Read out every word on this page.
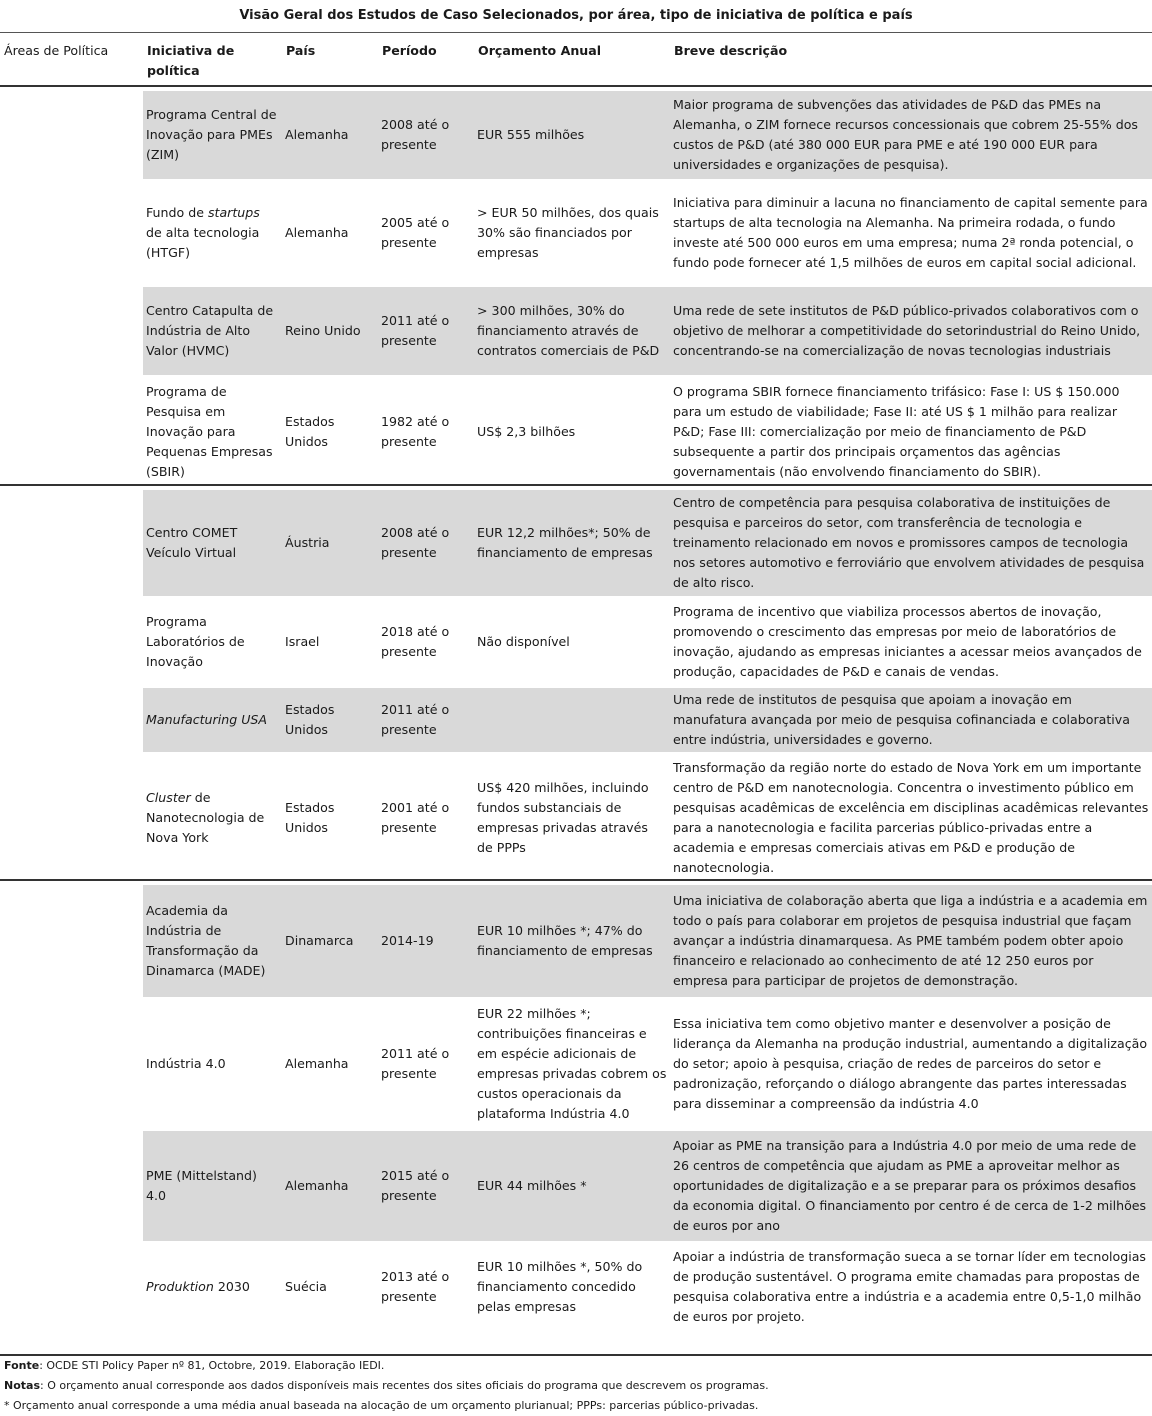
Visão Geral dos Estudos de Caso Selecionados, por área, tipo de iniciativa de política e país
Áreas de Política	Iniciativa de política	País	Período	Orçamento Anual	Breve descrição

	Programa Central de Inovação para PMEs (ZIM)	Alemanha	2008 até o presente	EUR 555 milhões	Maior programa de subvenções das atividades de P&D das PMEs na Alemanha, o ZIM fornece recursos concessionais que cobrem 25-55% dos custos de P&D (até 380 000 EUR para PME e até 190 000 EUR para universidades e organizações de pesquisa).

	Fundo de startups de alta tecnologia (HTGF)	Alemanha	2005 até o presente	> EUR 50 milhões, dos quais 30% são financiados por empresas	Iniciativa para diminuir a lacuna no financiamento de capital semente para startups de alta tecnologia na Alemanha. Na primeira rodada, o fundo investe até 500 000 euros em uma empresa; numa 2ª ronda potencial, o fundo pode fornecer até 1,5 milhões de euros em capital social adicional.

	Centro Catapulta de Indústria de Alto Valor (HVMC)	Reino Unido	2011 até o presente	> 300 milhões, 30% do financiamento através de contratos comerciais de P&D	Uma rede de sete institutos de P&D público-privados colaborativos com o objetivo de melhorar a competitividade do setorindustrial do Reino Unido, concentrando-se na comercialização de novas tecnologias industriais

	Programa de Pesquisa em Inovação para Pequenas Empresas (SBIR)	Estados Unidos	1982 até o presente	US$ 2,3 bilhões	O programa SBIR fornece financiamento trifásico: Fase I: US $ 150.000 para um estudo de viabilidade; Fase II: até US $ 1 milhão para realizar P&D; Fase III: comercialização por meio de financiamento de P&D subsequente a partir dos principais orçamentos das agências governamentais (não envolvendo financiamento do SBIR).

	Centro COMET Veículo Virtual	Áustria	2008 até o presente	EUR 12,2 milhões*; 50% de financiamento de empresas	Centro de competência para pesquisa colaborativa de instituições de pesquisa e parceiros do setor, com transferência de tecnologia e treinamento relacionado em novos e promissores campos de tecnologia nos setores automotivo e ferroviário que envolvem atividades de pesquisa de alto risco.

	Programa Laboratórios de Inovação	Israel	2018 até o presente	Não disponível	Programa de incentivo que viabiliza processos abertos de inovação, promovendo o crescimento das empresas por meio de laboratórios de inovação, ajudando as empresas iniciantes a acessar meios avançados de produção, capacidades de P&D e canais de vendas.

	Manufacturing USA	Estados Unidos	2011 até o presente		Uma rede de institutos de pesquisa que apoiam a inovação em manufatura avançada por meio de pesquisa cofinanciada e colaborativa entre indústria, universidades e governo.

	Cluster de Nanotecnologia de Nova York	Estados Unidos	2001 até o presente	US$ 420 milhões, incluindo fundos substanciais de empresas privadas através de PPPs	Transformação da região norte do estado de Nova York em um importante centro de P&D em nanotecnologia. Concentra o investimento público em pesquisas acadêmicas de excelência em disciplinas acadêmicas relevantes para a nanotecnologia e facilita parcerias público-privadas entre a academia e empresas comerciais ativas em P&D e produção de nanotecnologia.

	Academia da Indústria de Transformação da Dinamarca (MADE)	Dinamarca	2014-19	EUR 10 milhões *; 47% do financiamento de empresas	Uma iniciativa de colaboração aberta que liga a indústria e a academia em todo o país para colaborar em projetos de pesquisa industrial que façam avançar a indústria dinamarquesa. As PME também podem obter apoio financeiro e relacionado ao conhecimento de até 12 250 euros por empresa para participar de projetos de demonstração.

	Indústria 4.0	Alemanha	2011 até o presente	EUR 22 milhões *; contribuições financeiras e em espécie adicionais de empresas privadas cobrem os custos operacionais da plataforma Indústria 4.0	Essa iniciativa tem como objetivo manter e desenvolver a posição de liderança da Alemanha na produção industrial, aumentando a digitalização do setor; apoio à pesquisa, criação de redes de parceiros do setor e padronização, reforçando o diálogo abrangente das partes interessadas para disseminar a compreensão da indústria 4.0

	PME (Mittelstand) 4.0	Alemanha	2015 até o presente	EUR 44 milhões *	Apoiar as PME na transição para a Indústria 4.0 por meio de uma rede de 26 centros de competência que ajudam as PME a aproveitar melhor as oportunidades de digitalização e a se preparar para os próximos desafios da economia digital. O financiamento por centro é de cerca de 1-2 milhões de euros por ano

	Produktion 2030	Suécia	2013 até o presente	EUR 10 milhões *, 50% do financiamento concedido pelas empresas	Apoiar a indústria de transformação sueca a se tornar líder em tecnologias de produção sustentável. O programa emite chamadas para propostas de pesquisa colaborativa entre a indústria e a academia entre 0,5-1,0 milhão de euros por projeto.
Fonte: OCDE STI Policy Paper nº 81, Octobre, 2019. Elaboração IEDI.
Notas: O orçamento anual corresponde aos dados disponíveis mais recentes dos sites oficiais do programa que descrevem os programas.
* Orçamento anual corresponde a uma média anual baseada na alocação de um orçamento plurianual; PPPs: parcerias público-privadas.
